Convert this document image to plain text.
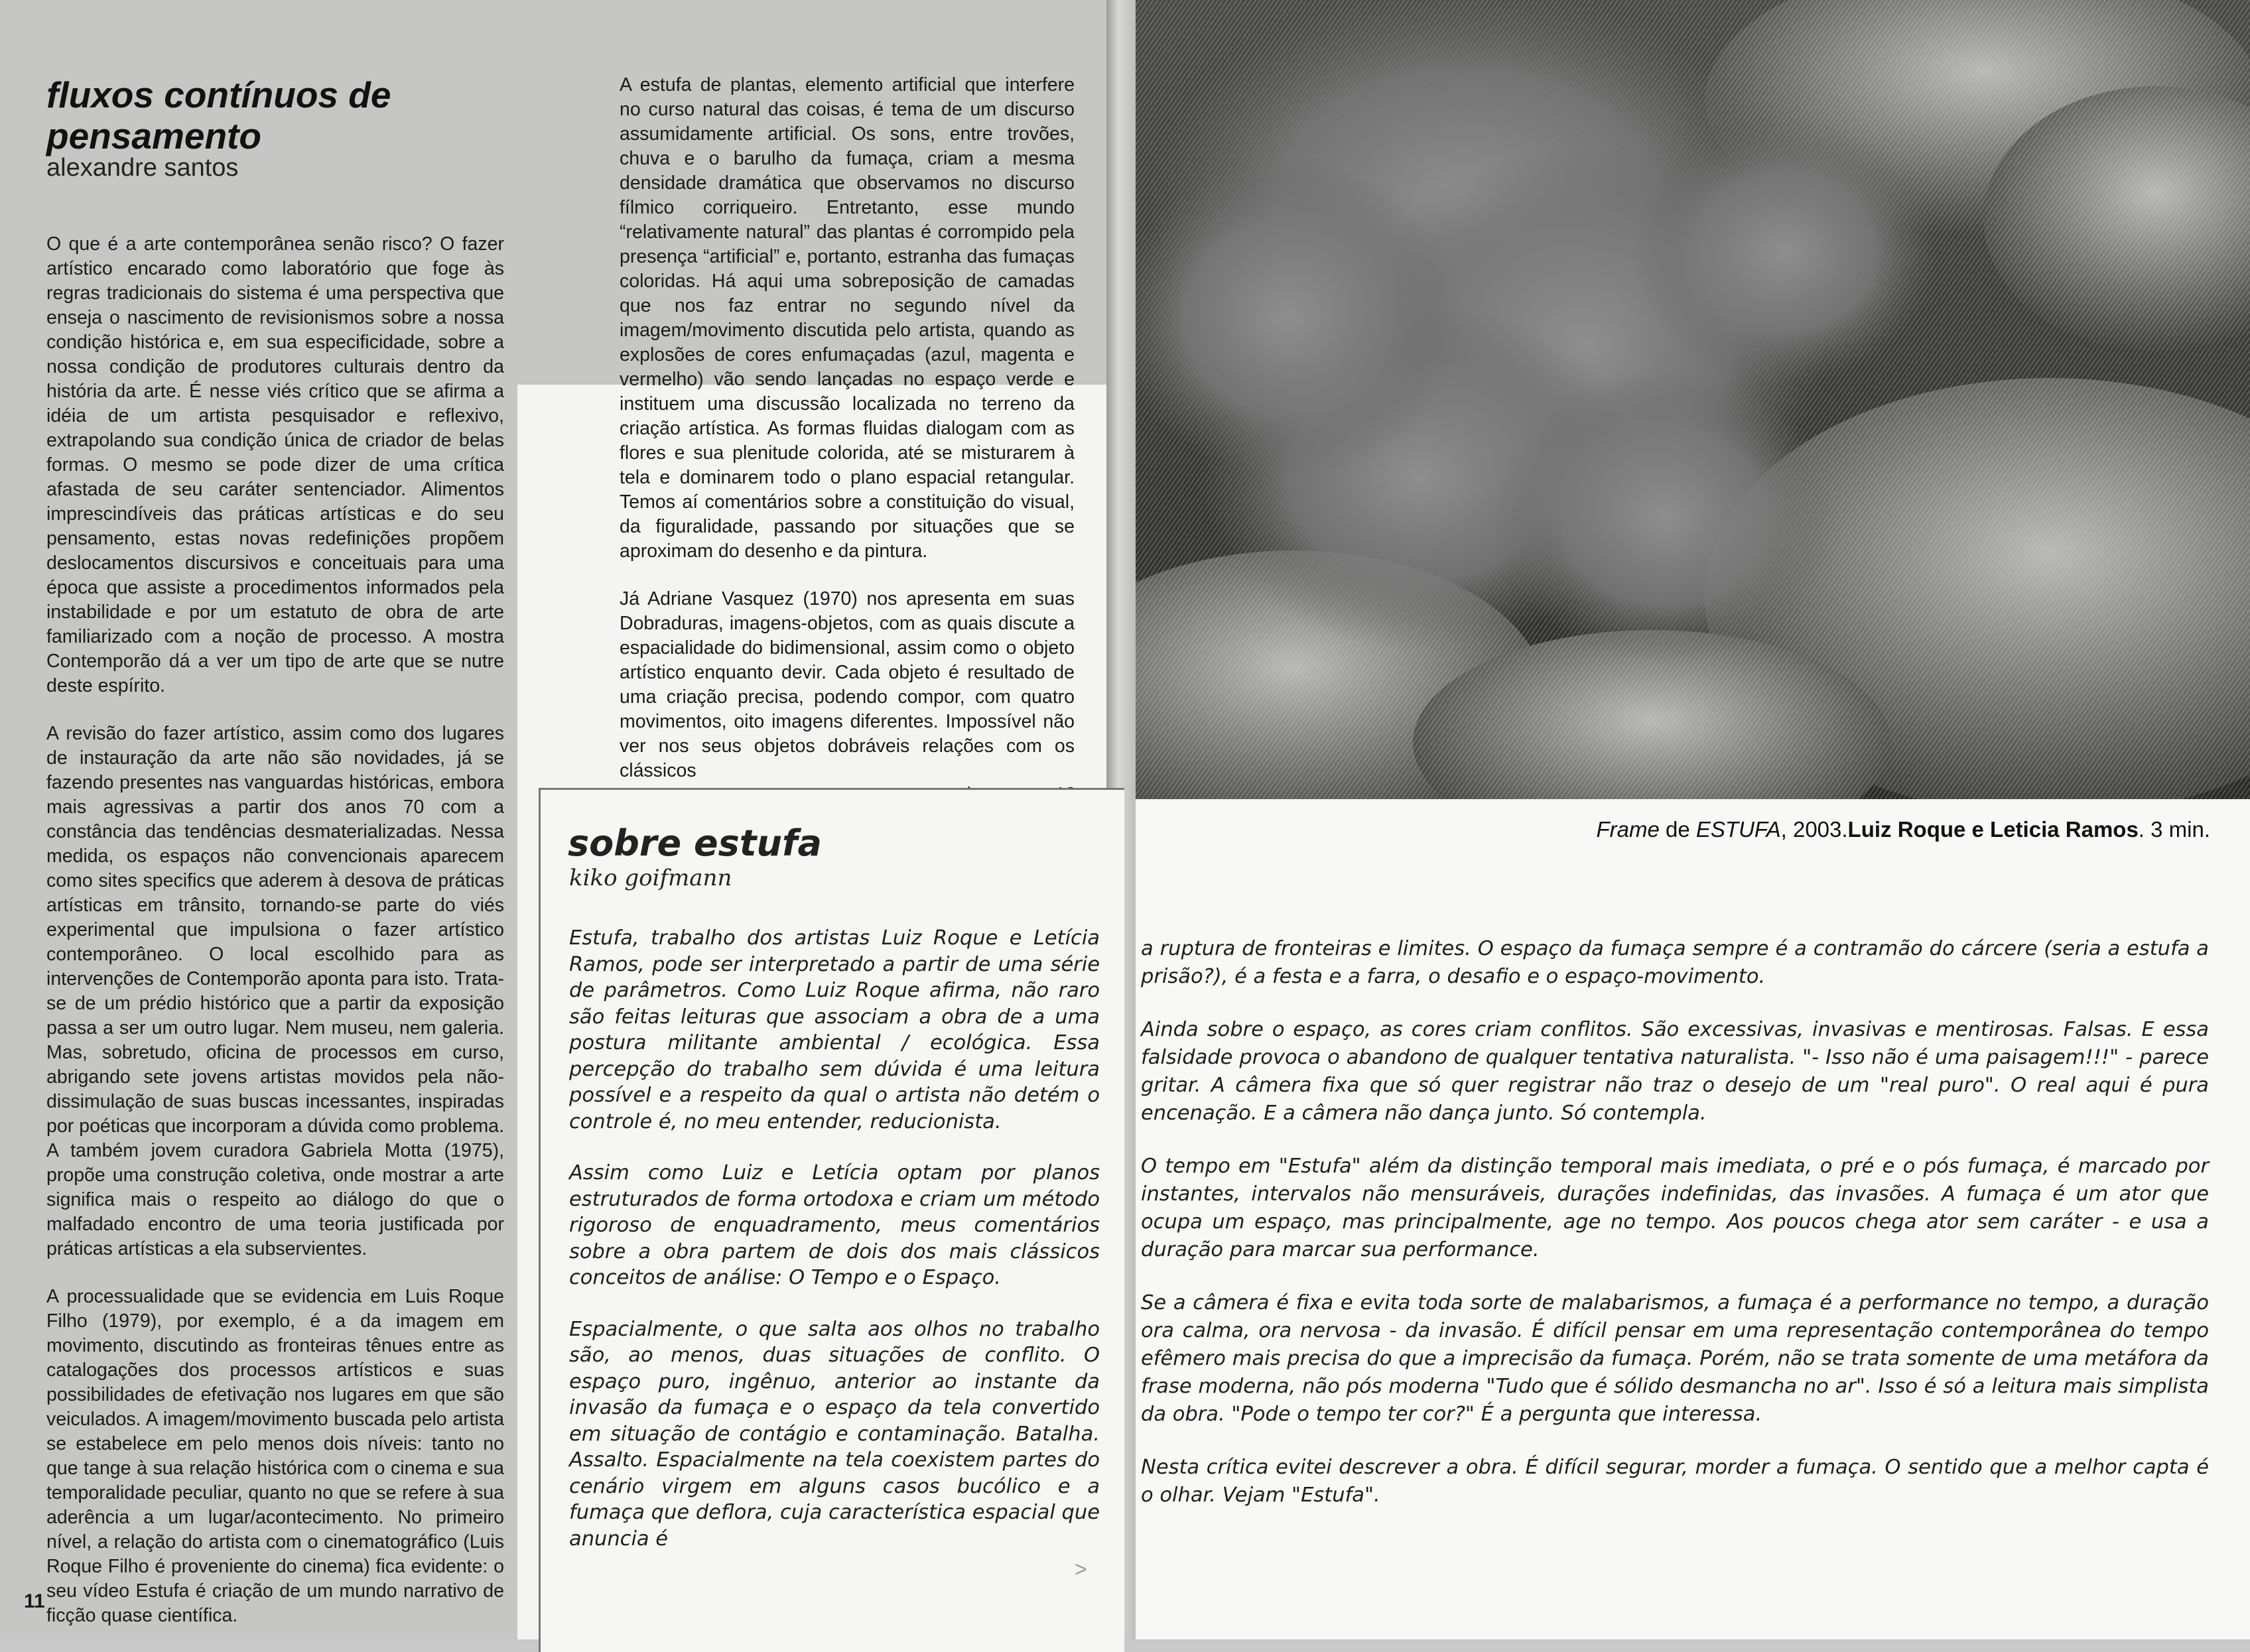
fluxos contínuos de pensamento

alexandre santos

O que é a arte contemporânea senão risco? O fazer artístico encarado como laboratório que foge às regras tradicionais do sistema é uma perspectiva que enseja o nascimento de revisionismos sobre a nossa condição histórica e, em sua especificidade, sobre a nossa condição de produtores culturais dentro da história da arte. É nesse viés crítico que se afirma a idéia de um artista pesquisador e reflexivo, extrapolando sua condição única de criador de belas formas. O mesmo se pode dizer de uma crítica afastada de seu caráter sentenciador. Alimentos imprescindíveis das práticas artísticas e do seu pensamento, estas novas redefinições propõem deslocamentos discursivos e conceituais para uma época que assiste a procedimentos informados pela instabilidade e por um estatuto de obra de arte familiarizado com a noção de processo. A mostra Contemporão dá a ver um tipo de arte que se nutre deste espírito.

A revisão do fazer artístico, assim como dos lugares de instauração da arte não são novidades, já se fazendo presentes nas vanguardas históricas, embora mais agressivas a partir dos anos 70 com a constância das tendências desmaterializadas. Nessa medida, os espaços não convencionais aparecem como sites specifics que aderem à desova de práticas artísticas em trânsito, tornando-se parte do viés experimental que impulsiona o fazer artístico contemporâneo. O local escolhido para as intervenções de Contemporão aponta para isto. Trata-se de um prédio histórico que a partir da exposição passa a ser um outro lugar. Nem museu, nem galeria. Mas, sobretudo, oficina de processos em curso, abrigando sete jovens artistas movidos pela não-dissimulação de suas buscas incessantes, inspiradas por poéticas que incorporam a dúvida como problema. A também jovem curadora Gabriela Motta (1975), propõe uma construção coletiva, onde mostrar a arte significa mais o respeito ao diálogo do que o malfadado encontro de uma teoria justificada por práticas artísticas a ela subservientes.

A processualidade que se evidencia em Luis Roque Filho (1979), por exemplo, é a da imagem em movimento, discutindo as fronteiras tênues entre as catalogações dos processos artísticos e suas possibilidades de efetivação nos lugares em que são veiculados. A imagem/movimento buscada pelo artista se estabelece em pelo menos dois níveis: tanto no que tange à sua relação histórica com o cinema e sua temporalidade peculiar, quanto no que se refere à sua aderência a um lugar/acontecimento. No primeiro nível, a relação do artista com o cinematográfico (Luis Roque Filho é proveniente do cinema) fica evidente: o seu vídeo Estufa é criação de um mundo narrativo de ficção quase científica.

A estufa de plantas, elemento artificial que interfere no curso natural das coisas, é tema de um discurso assumidamente artificial. Os sons, entre trovões, chuva e o barulho da fumaça, criam a mesma densidade dramática que observamos no discurso fílmico corriqueiro. Entretanto, esse mundo “relativamente natural” das plantas é corrompido pela presença “artificial” e, portanto, estranha das fumaças coloridas. Há aqui uma sobreposição de camadas que nos faz entrar no segundo nível da imagem/movimento discutida pelo artista, quando as explosões de cores enfumaçadas (azul, magenta e vermelho) vão sendo lançadas no espaço verde e instituem uma discussão localizada no terreno da criação artística. As formas fluidas dialogam com as flores e sua plenitude colorida, até se misturarem à tela e dominarem todo o plano espacial retangular. Temos aí comentários sobre a constituição do visual, da figuralidade, passando por situações que se aproximam do desenho e da pintura.

Já Adriane Vasquez (1970) nos apresenta em suas Dobraduras, imagens-objetos, com as quais discute a espacialidade do bidimensional, assim como o objeto artístico enquanto devir. Cada objeto é resultado de uma criação precisa, podendo compor, com quatro movimentos, oito imagens diferentes. Impossível não ver nos seus objetos dobráveis relações com os clássicos

11
Frame de ESTUFA, 2003.Luiz Roque e Leticia Ramos. 3 min.
sobre estufa

kiko goifmann

Estufa, trabalho dos artistas Luiz Roque e Letícia Ramos, pode ser interpretado a partir de uma série de parâmetros. Como Luiz Roque afirma, não raro são feitas leituras que associam a obra de a uma postura militante ambiental / ecológica. Essa percepção do trabalho sem dúvida é uma leitura possível e a respeito da qual o artista não detém o controle é, no meu entender, reducionista.

Assim como Luiz e Letícia optam por planos estruturados de forma ortodoxa e criam um método rigoroso de enquadramento, meus comentários sobre a obra partem de dois dos mais clássicos conceitos de análise: O Tempo e o Espaço.

Espacialmente, o que salta aos olhos no trabalho são, ao menos, duas situações de conflito. O espaço puro, ingênuo, anterior ao instante da invasão da fumaça e o espaço da tela convertido em situação de contágio e contaminação. Batalha. Assalto. Espacialmente na tela coexistem partes do cenário virgem em alguns casos bucólico e a fumaça que deflora, cuja característica espacial que anuncia é

>

a ruptura de fronteiras e limites. O espaço da fumaça sempre é a contramão do cárcere (seria a estufa a prisão?), é a festa e a farra, o desafio e o espaço-movimento.

Ainda sobre o espaço, as cores criam conflitos. São excessivas, invasivas e mentirosas. Falsas. E essa falsidade provoca o abandono de qualquer tentativa naturalista. "- Isso não é uma paisagem!!!" - parece gritar. A câmera fixa que só quer registrar não traz o desejo de um "real puro". O real aqui é pura encenação. E a câmera não dança junto. Só contempla.

O tempo em "Estufa" além da distinção temporal mais imediata, o pré e o pós fumaça, é marcado por instantes, intervalos não mensuráveis, durações indefinidas, das invasões. A fumaça é um ator que ocupa um espaço, mas principalmente, age no tempo. Aos poucos chega ator sem caráter - e usa a duração para marcar sua performance.

Se a câmera é fixa e evita toda sorte de malabarismos, a fumaça é a performance no tempo, a duração ora calma, ora nervosa - da invasão. É difícil pensar em uma representação contemporânea do tempo efêmero mais precisa do que a imprecisão da fumaça. Porém, não se trata somente de uma metáfora da frase moderna, não pós moderna "Tudo que é sólido desmancha no ar". Isso é só a leitura mais simplista da obra. "Pode o tempo ter cor?" É a pergunta que interessa.

Nesta crítica evitei descrever a obra. É difícil segurar, morder a fumaça. O sentido que a melhor capta é o olhar. Vejam "Estufa".
